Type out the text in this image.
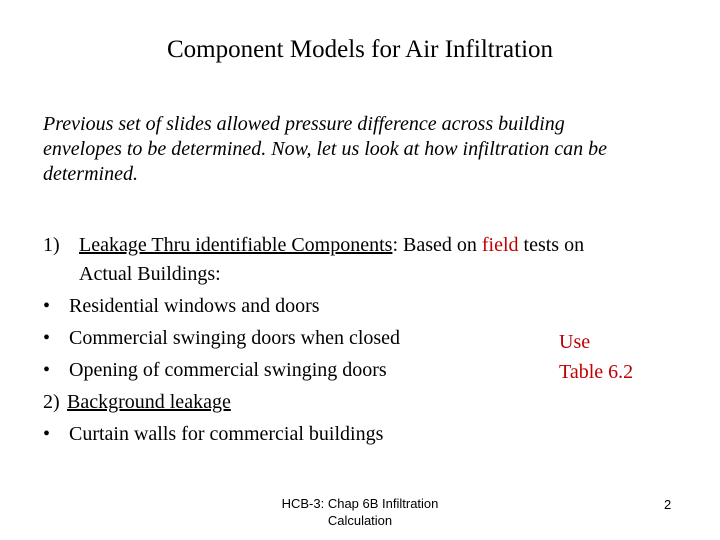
Component Models for Air Infiltration
Previous set of slides allowed pressure difference across building
envelopes to be determined. Now, let us look at how infiltration can be
determined.
1) Leakage Thru identifiable Components: Based on field tests on
Actual Buildings:
• Residential windows and doors
• Commercial swinging doors when closed
• Opening of commercial swinging doors
2) Background leakage
• Curtain walls for commercial buildings
Use
Table 6.2
HCB-3: Chap 6B Infiltration
Calculation
2
